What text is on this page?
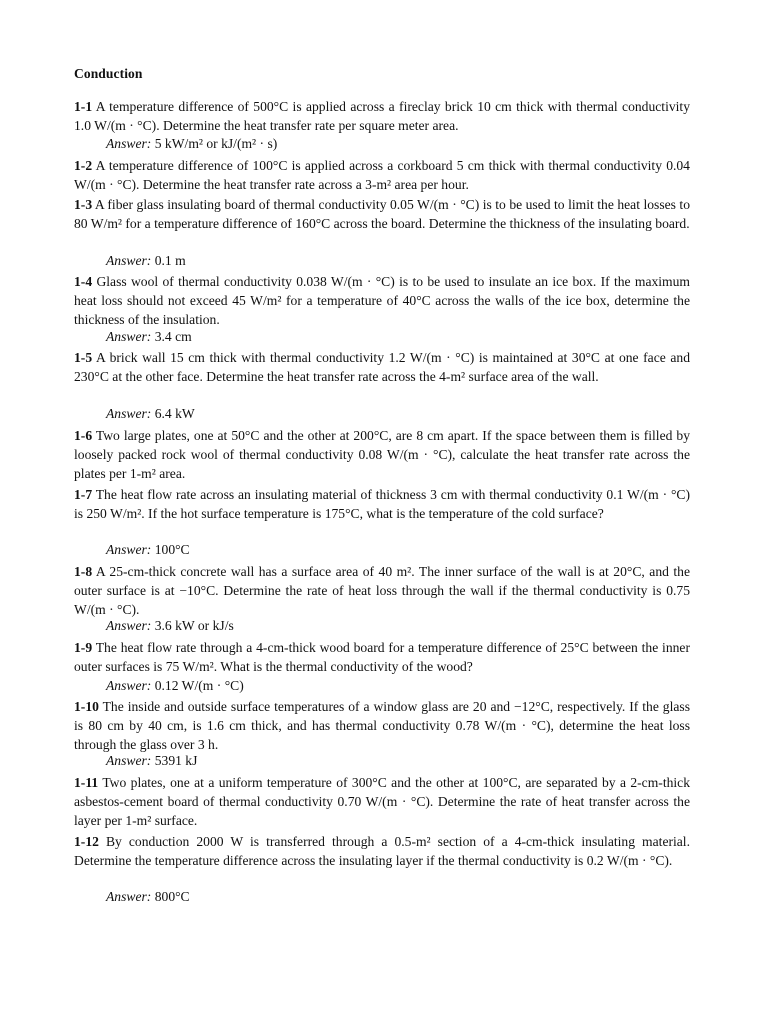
Conduction
1-1 A temperature difference of 500°C is applied across a fireclay brick 10 cm thick with thermal conductivity 1.0 W/(m · °C). Determine the heat transfer rate per square meter area.
Answer: 5 kW/m² or kJ/(m² · s)
1-2 A temperature difference of 100°C is applied across a corkboard 5 cm thick with thermal conductivity 0.04 W/(m · °C). Determine the heat transfer rate across a 3-m² area per hour.
1-3 A fiber glass insulating board of thermal conductivity 0.05 W/(m · °C) is to be used to limit the heat losses to 80 W/m² for a temperature difference of 160°C across the board. Determine the thickness of the insulating board.
Answer: 0.1 m
1-4 Glass wool of thermal conductivity 0.038 W/(m · °C) is to be used to insulate an ice box. If the maximum heat loss should not exceed 45 W/m² for a temperature of 40°C across the walls of the ice box, determine the thickness of the insulation.
Answer: 3.4 cm
1-5 A brick wall 15 cm thick with thermal conductivity 1.2 W/(m · °C) is maintained at 30°C at one face and 230°C at the other face. Determine the heat transfer rate across the 4-m² surface area of the wall.
Answer: 6.4 kW
1-6 Two large plates, one at 50°C and the other at 200°C, are 8 cm apart. If the space between them is filled by loosely packed rock wool of thermal conductivity 0.08 W/(m · °C), calculate the heat transfer rate across the plates per 1-m² area.
1-7 The heat flow rate across an insulating material of thickness 3 cm with thermal conductivity 0.1 W/(m · °C) is 250 W/m². If the hot surface temperature is 175°C, what is the temperature of the cold surface?
Answer: 100°C
1-8 A 25-cm-thick concrete wall has a surface area of 40 m². The inner surface of the wall is at 20°C, and the outer surface is at −10°C. Determine the rate of heat loss through the wall if the thermal conductivity is 0.75 W/(m · °C).
Answer: 3.6 kW or kJ/s
1-9 The heat flow rate through a 4-cm-thick wood board for a temperature difference of 25°C between the inner outer surfaces is 75 W/m². What is the thermal conductivity of the wood?
Answer: 0.12 W/(m · °C)
1-10 The inside and outside surface temperatures of a window glass are 20 and −12°C, respectively. If the glass is 80 cm by 40 cm, is 1.6 cm thick, and has thermal conductivity 0.78 W/(m · °C), determine the heat loss through the glass over 3 h.
Answer: 5391 kJ
1-11 Two plates, one at a uniform temperature of 300°C and the other at 100°C, are separated by a 2-cm-thick asbestos-cement board of thermal conductivity 0.70 W/(m · °C). Determine the rate of heat transfer across the layer per 1-m² surface.
1-12 By conduction 2000 W is transferred through a 0.5-m² section of a 4-cm-thick insulating material. Determine the temperature difference across the insulating layer if the thermal conductivity is 0.2 W/(m · °C).
Answer: 800°C
